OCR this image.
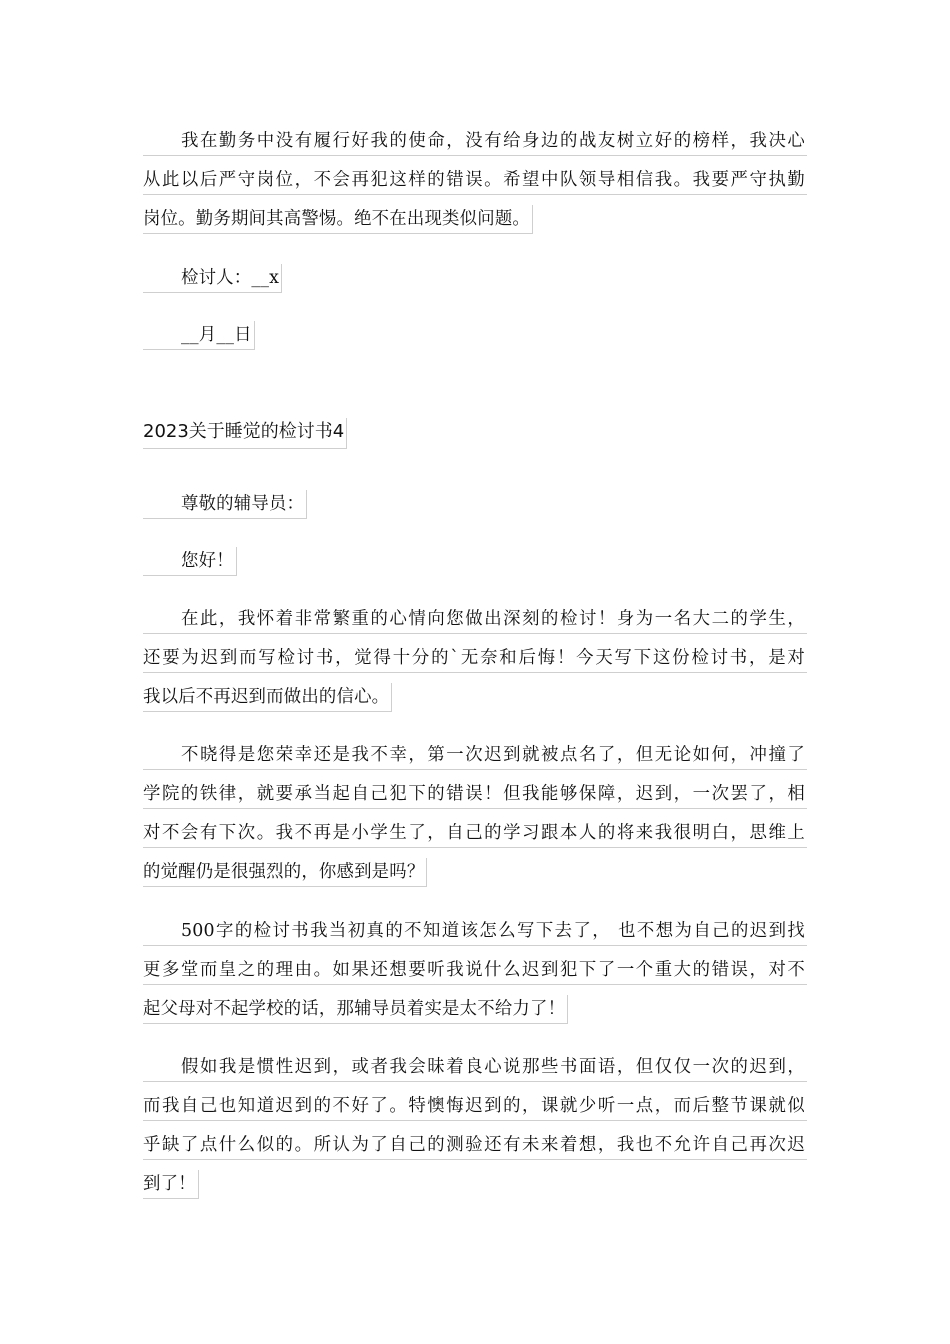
我在勤务中没有履行好我的使命，没有给身边的战友树立好的榜样，我决心
从此以后严守岗位，不会再犯这样的错误。希望中队领导相信我。我要严守执勤
岗位。勤务期间其高警惕。绝不在出现类似问题。
检讨人：__x
__月__日
2023关于睡觉的检讨书4
尊敬的辅导员：
您好！
在此，我怀着非常繁重的心情向您做出深刻的检讨！身为一名大二的学生，
还要为迟到而写检讨书，觉得十分的`无奈和后悔！今天写下这份检讨书，是对
我以后不再迟到而做出的信心。
不晓得是您荣幸还是我不幸，第一次迟到就被点名了，但无论如何，冲撞了
学院的铁律，就要承当起自己犯下的错误！但我能够保障，迟到，一次罢了，相
对不会有下次。我不再是小学生了，自己的学习跟本人的将来我很明白，思维上
的觉醒仍是很强烈的，你感到是吗？
500字的检讨书我当初真的不知道该怎么写下去了， 也不想为自己的迟到找
更多堂而皇之的理由。如果还想要听我说什么迟到犯下了一个重大的错误，对不
起父母对不起学校的话，那辅导员着实是太不给力了！
假如我是惯性迟到，或者我会昧着良心说那些书面语，但仅仅一次的迟到，
而我自己也知道迟到的不好了。特懊悔迟到的，课就少听一点，而后整节课就似
乎缺了点什么似的。所认为了自己的测验还有未来着想，我也不允许自己再次迟
到了！
